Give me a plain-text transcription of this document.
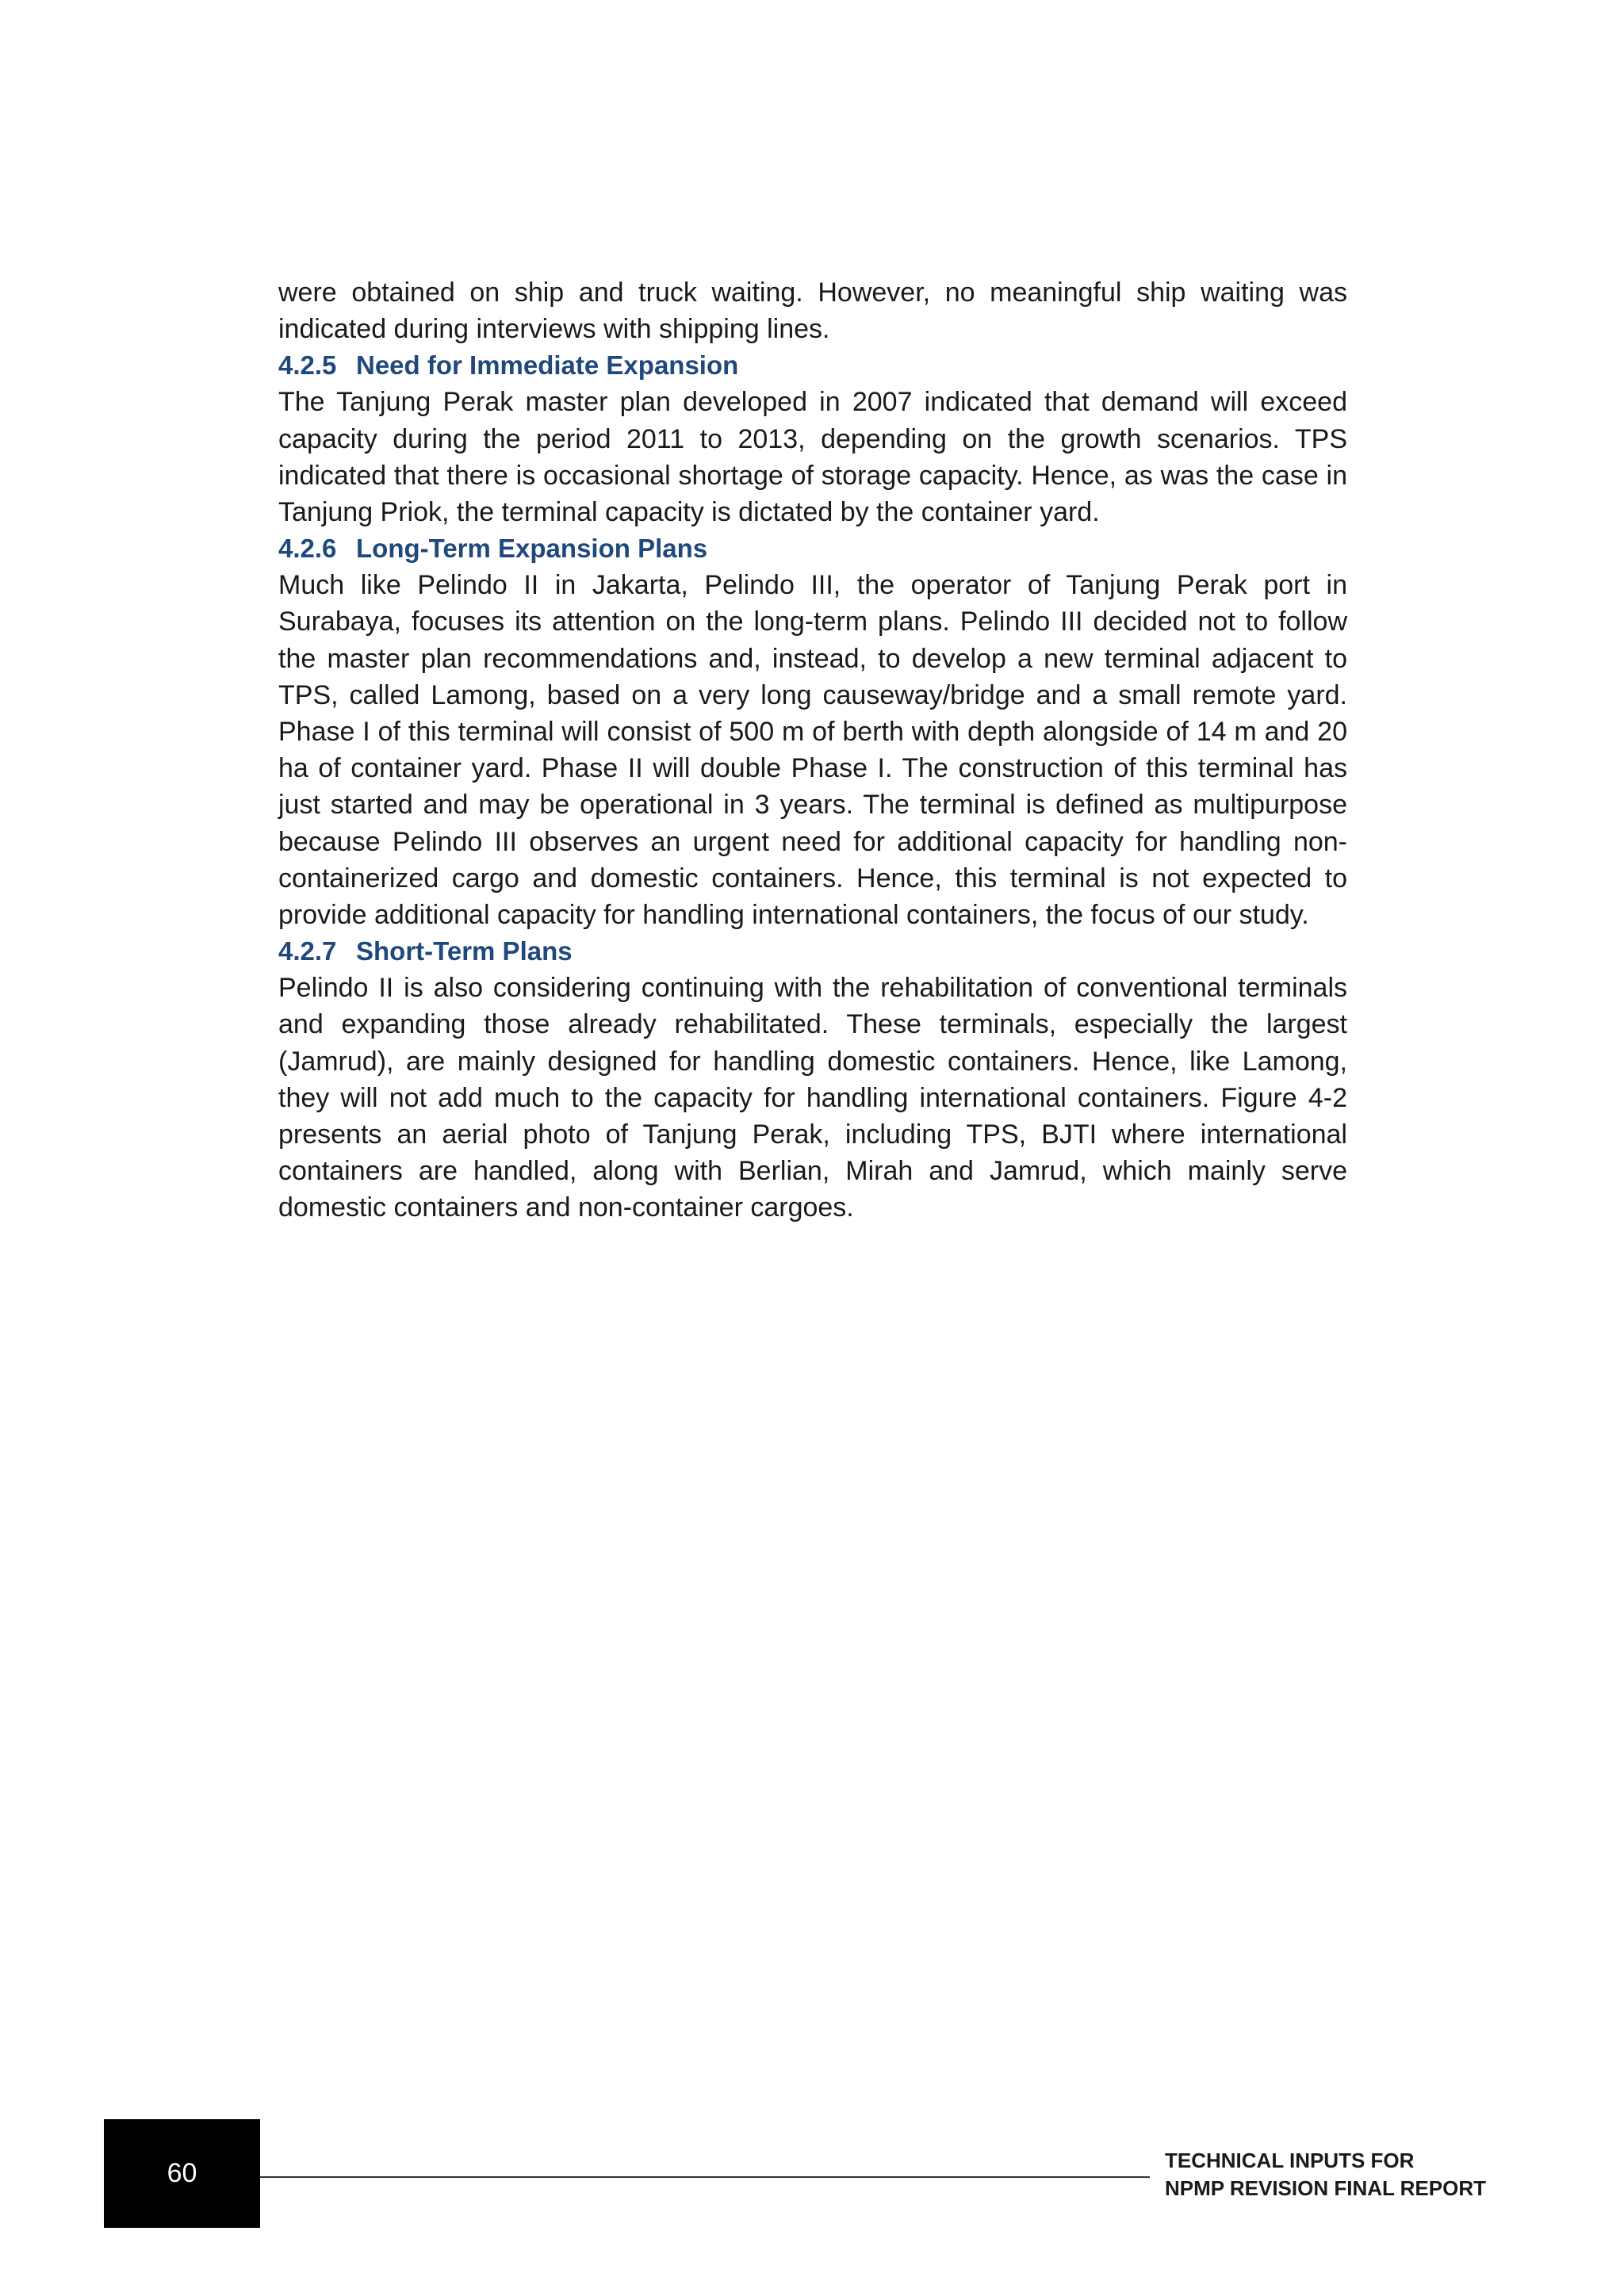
were obtained on ship and truck waiting. However, no meaningful ship waiting was indicated during interviews with shipping lines.

4.2.5 Need for Immediate Expansion

The Tanjung Perak master plan developed in 2007 indicated that demand will exceed capacity during the period 2011 to 2013, depending on the growth scenarios. TPS indicated that there is occasional shortage of storage capacity. Hence, as was the case in Tanjung Priok, the terminal capacity is dictated by the container yard.

4.2.6 Long-Term Expansion Plans

Much like Pelindo II in Jakarta, Pelindo III, the operator of Tanjung Perak port in Surabaya, focuses its attention on the long-term plans. Pelindo III decided not to follow the master plan recommendations and, instead, to develop a new terminal adjacent to TPS, called Lamong, based on a very long causeway/bridge and a small remote yard. Phase I of this terminal will consist of 500 m of berth with depth alongside of 14 m and 20 ha of container yard. Phase II will double Phase I. The construction of this terminal has just started and may be operational in 3 years. The terminal is defined as multipurpose because Pelindo III observes an urgent need for additional capacity for handling non-containerized cargo and domestic containers. Hence, this terminal is not expected to provide additional capacity for handling international containers, the focus of our study.

4.2.7 Short-Term Plans

Pelindo II is also considering continuing with the rehabilitation of conventional terminals and expanding those already rehabilitated. These terminals, especially the largest (Jamrud), are mainly designed for handling domestic containers. Hence, like Lamong, they will not add much to the capacity for handling international containers. Figure 4-2 presents an aerial photo of Tanjung Perak, including TPS, BJTI where international containers are handled, along with Berlian, Mirah and Jamrud, which mainly serve domestic containers and non-container cargoes.

60	TECHNICAL INPUTS FOR
NPMP REVISION FINAL REPORT
